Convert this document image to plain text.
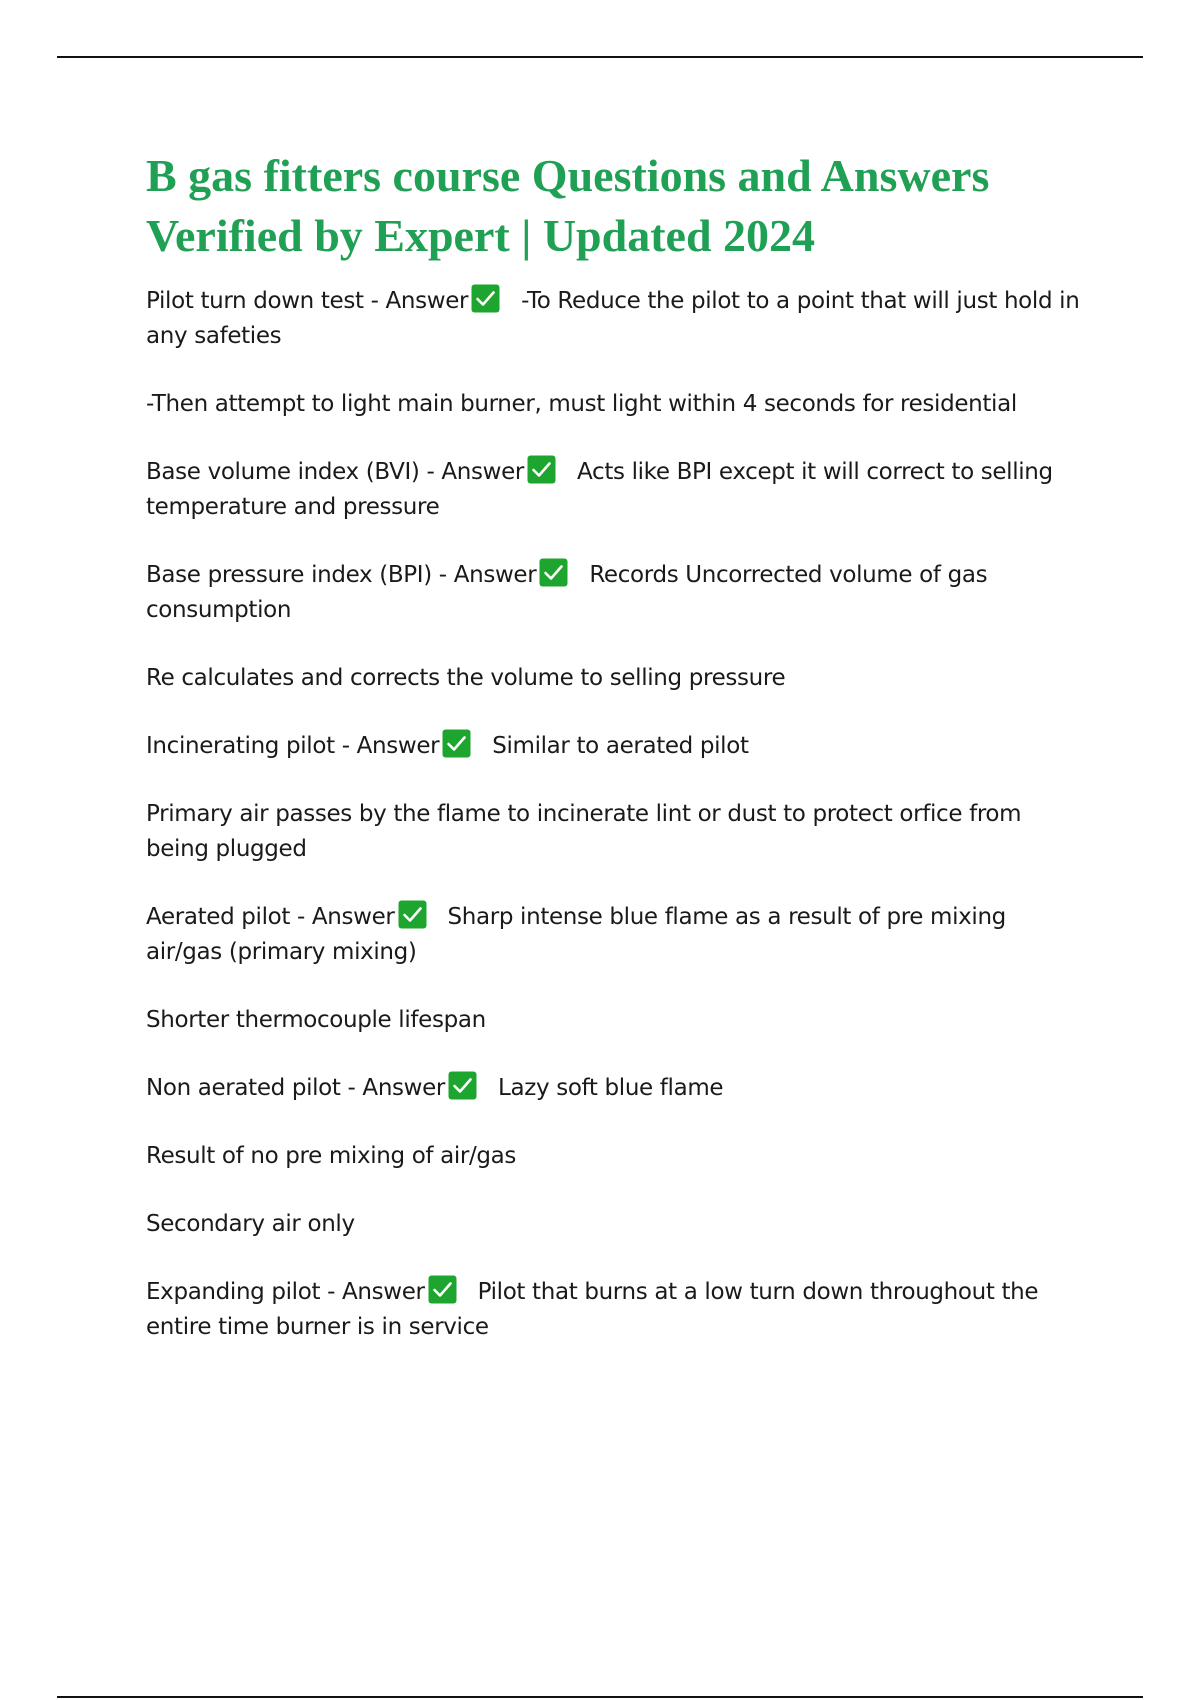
B gas fitters course Questions and Answers
Verified by Expert | Updated 2024

Pilot turn down test - Answer -To Reduce the pilot to a point that will just hold in any safeties

-Then attempt to light main burner, must light within 4 seconds for residential

Base volume index (BVI) - Answer Acts like BPI except it will correct to selling temperature and pressure

Base pressure index (BPI) - Answer Records Uncorrected volume of gas consumption

Re calculates and corrects the volume to selling pressure

Incinerating pilot - Answer Similar to aerated pilot

Primary air passes by the flame to incinerate lint or dust to protect orfice from being plugged

Aerated pilot - Answer Sharp intense blue flame as a result of pre mixing air/gas (primary mixing)

Shorter thermocouple lifespan

Non aerated pilot - Answer Lazy soft blue flame

Result of no pre mixing of air/gas

Secondary air only

Expanding pilot - Answer Pilot that burns at a low turn down throughout the entire time burner is in service
